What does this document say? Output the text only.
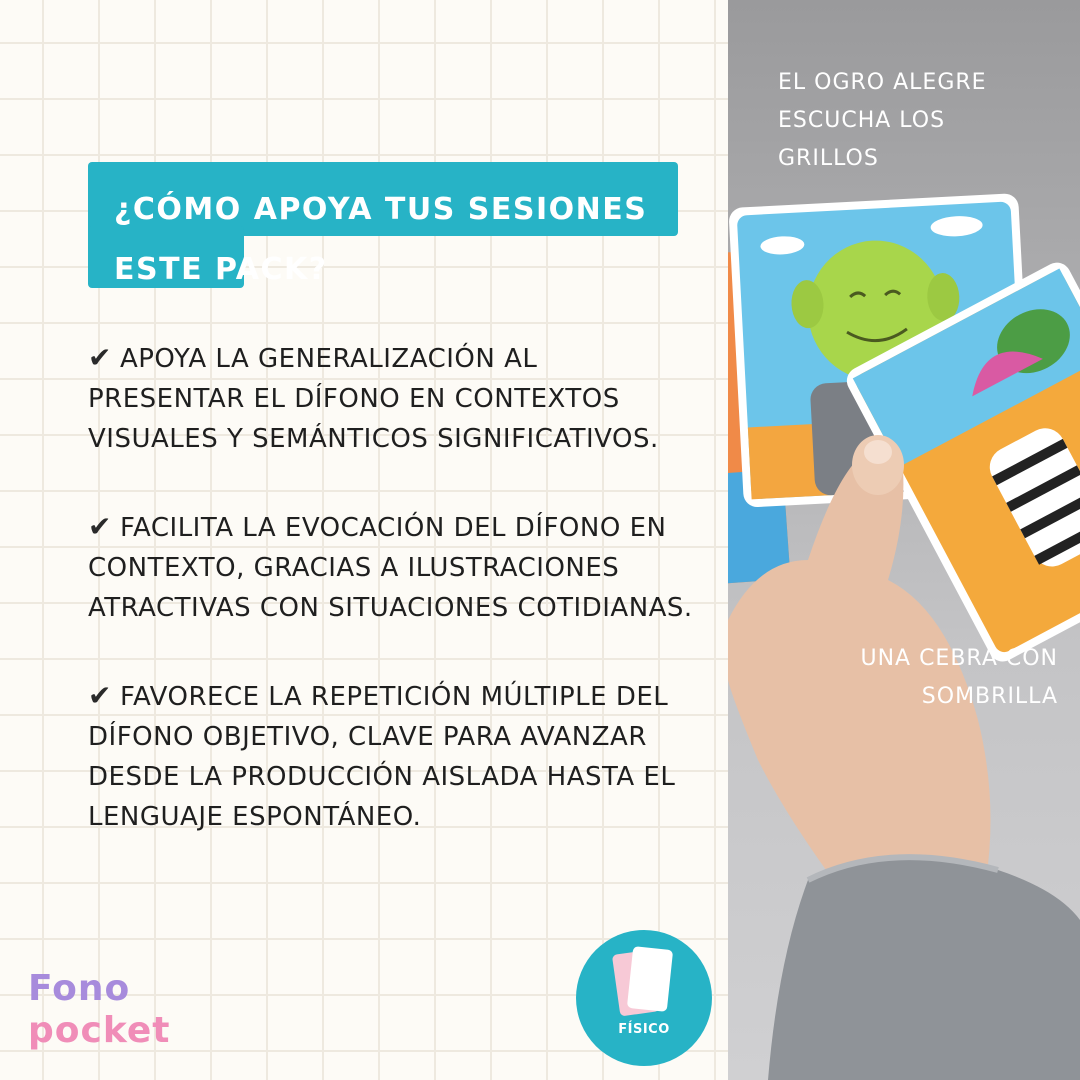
¿CÓMO APOYA TUS SESIONES ESTE PACK?
✔ APOYA LA GENERALIZACIÓN AL PRESENTAR EL DÍFONO EN CONTEXTOS VISUALES Y SEMÁNTICOS SIGNIFICATIVOS.
✔ FACILITA LA EVOCACIÓN DEL DÍFONO EN CONTEXTO, GRACIAS A ILUSTRACIONES ATRACTIVAS CON SITUACIONES COTIDIANAS.
✔ FAVORECE LA REPETICIÓN MÚLTIPLE DEL DÍFONO OBJETIVO, CLAVE PARA AVANZAR DESDE LA PRODUCCIÓN AISLADA HASTA EL LENGUAJE ESPONTÁNEO.
Fono
pocket	FÍSICO
EL OGRO ALEGRE ESCUCHA LOS GRILLOS
UNA CEBRA CON SOMBRILLA
